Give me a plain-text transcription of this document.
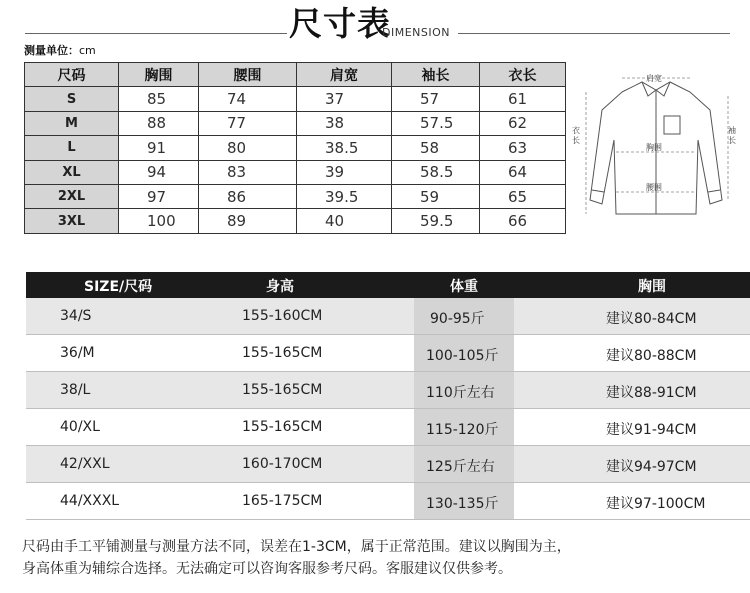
尺寸表
DIMENSION
测量单位：cm
尺码	胸围	腰围	肩宽	袖长	衣长
S	85	74	37	57	61
M	88	77	38	57.5	62
L	91	80	38.5	58	63
XL	94	83	39	58.5	64
2XL	97	86	39.5	59	65
3XL	100	89	40	59.5	66
肩宽
衣长
袖长
胸围
腰围
SIZE/尺码	身高	体重	胸围
34/S	155-160CM	90-95斤	建议80-84CM
36/M	155-165CM	100-105斤	建议80-88CM
38/L	155-165CM	110斤左右	建议88-91CM
40/XL	155-165CM	115-120斤	建议91-94CM
42/XXL	160-170CM	125斤左右	建议94-97CM
44/XXXL	165-175CM	130-135斤	建议97-100CM
尺码由手工平铺测量与测量方法不同，误差在1-3CM，属于正常范围。建议以胸围为主，
身高体重为辅综合选择。无法确定可以咨询客服参考尺码。客服建议仅供参考。
